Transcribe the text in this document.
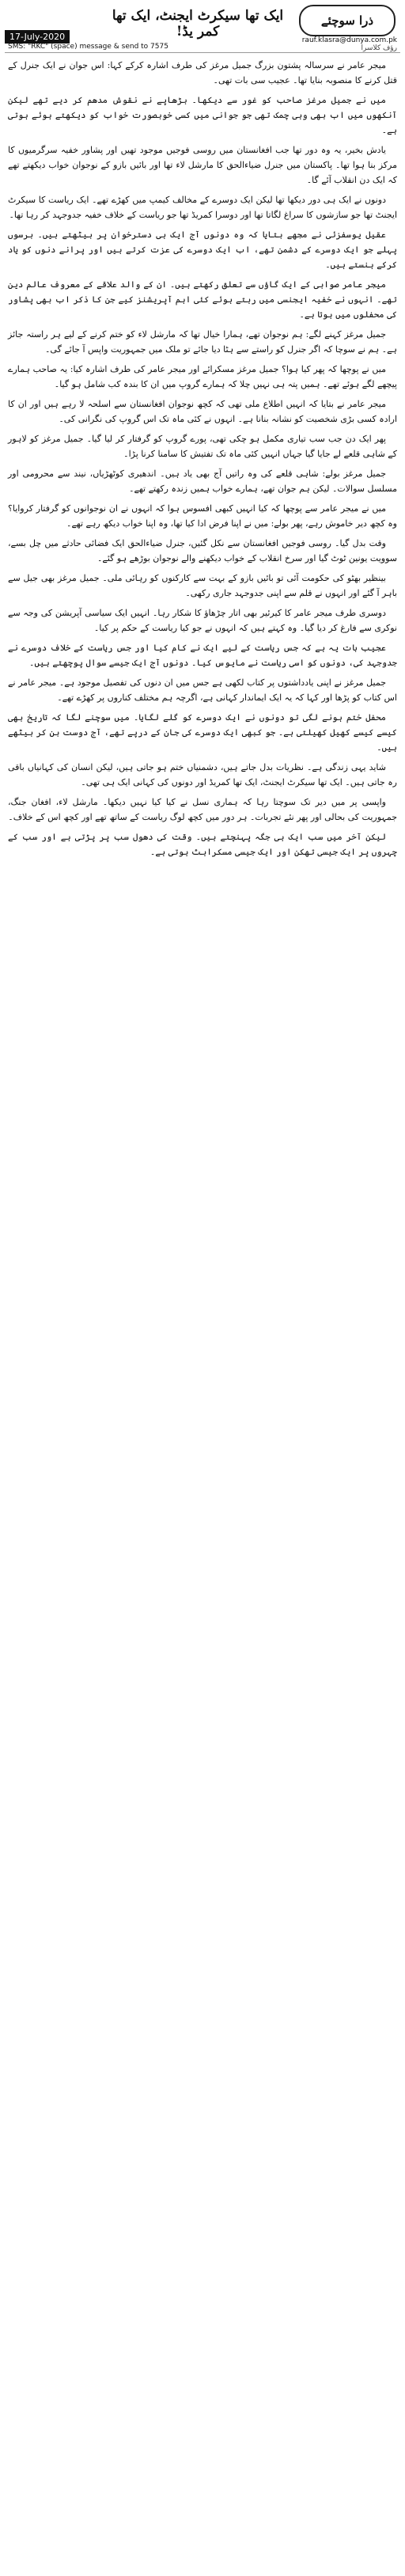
ذرا سوچئے
ایک تھا سیکرٹ ایجنٹ، ایک تھا کمر یڈ!
17-July-2020	rauf.klasra@dunya.com.pk
SMS: "RKC" (space) message & send to 7575	رؤف کلاسرا

میجر عامر نے سرسالہ پشتون بزرگ جمیل مرغز کی طرف اشارہ کرکے کہا: اس جوان نے ایک جنرل کے قتل کرنے کا منصوبہ بنایا تھا۔ عجیب سی بات تھی۔

میں نے جمیل مرغز صاحب کو غور سے دیکھا۔ بڑھاپے نے نقوش مدھم کر دیے تھے لیکن آنکھوں میں اب بھی وہی چمک تھی جو جوانی میں کسی خوبصورت خواب کو دیکھتے ہوئے ہوتی ہے۔

یادش بخیر، یہ وہ دور تھا جب افغانستان میں روسی فوجیں موجود تھیں اور پشاور خفیہ سرگرمیوں کا مرکز بنا ہوا تھا۔ پاکستان میں جنرل ضیاءالحق کا مارشل لاء تھا اور بائیں بازو کے نوجوان خواب دیکھتے تھے کہ ایک دن انقلاب آئے گا۔

دونوں نے ایک ہی دور دیکھا تھا لیکن ایک دوسرے کے مخالف کیمپ میں کھڑے تھے۔ ایک ریاست کا سیکرٹ ایجنٹ تھا جو سازشوں کا سراغ لگاتا تھا اور دوسرا کمریڈ تھا جو ریاست کے خلاف خفیہ جدوجہد کر رہا تھا۔

عقیل یوسفزئی نے مجھے بتایا کہ وہ دونوں آج ایک ہی دسترخوان پر بیٹھتے ہیں۔ برسوں پہلے جو ایک دوسرے کے دشمن تھے، اب ایک دوسرے کی عزت کرتے ہیں اور پرانے دنوں کو یاد کرکے ہنستے ہیں۔

میجر عامر صوابی کے ایک گاؤں سے تعلق رکھتے ہیں۔ ان کے والد علاقے کے معروف عالم دین تھے۔ انہوں نے خفیہ ایجنسی میں رہتے ہوئے کئی اہم آپریشنز کیے جن کا ذکر اب بھی پشاور کی محفلوں میں ہوتا ہے۔

جمیل مرغز کہنے لگے: ہم نوجوان تھے، ہمارا خیال تھا کہ مارشل لاء کو ختم کرنے کے لیے ہر راستہ جائز ہے۔ ہم نے سوچا کہ اگر جنرل کو راستے سے ہٹا دیا جائے تو ملک میں جمہوریت واپس آ جائے گی۔

میں نے پوچھا کہ پھر کیا ہوا؟ جمیل مرغز مسکرائے اور میجر عامر کی طرف اشارہ کیا: یہ صاحب ہمارے پیچھے لگے ہوئے تھے۔ ہمیں پتہ ہی نہیں چلا کہ ہمارے گروپ میں ان کا بندہ کب شامل ہو گیا۔

میجر عامر نے بتایا کہ انہیں اطلاع ملی تھی کہ کچھ نوجوان افغانستان سے اسلحہ لا رہے ہیں اور ان کا ارادہ کسی بڑی شخصیت کو نشانہ بنانا ہے۔ انہوں نے کئی ماہ تک اس گروپ کی نگرانی کی۔

پھر ایک دن جب سب تیاری مکمل ہو چکی تھی، پورے گروپ کو گرفتار کر لیا گیا۔ جمیل مرغز کو لاہور کے شاہی قلعے لے جایا گیا جہاں انہیں کئی ماہ تک تفتیش کا سامنا کرنا پڑا۔

جمیل مرغز بولے: شاہی قلعے کی وہ راتیں آج بھی یاد ہیں۔ اندھیری کوٹھڑیاں، نیند سے محرومی اور مسلسل سوالات۔ لیکن ہم جوان تھے، ہمارے خواب ہمیں زندہ رکھتے تھے۔

میں نے میجر عامر سے پوچھا کہ کیا انہیں کبھی افسوس ہوا کہ انہوں نے ان نوجوانوں کو گرفتار کروایا؟ وہ کچھ دیر خاموش رہے، پھر بولے: میں نے اپنا فرض ادا کیا تھا، وہ اپنا خواب دیکھ رہے تھے۔

وقت بدل گیا۔ روسی فوجیں افغانستان سے نکل گئیں، جنرل ضیاءالحق ایک فضائی حادثے میں چل بسے، سوویت یونین ٹوٹ گیا اور سرخ انقلاب کے خواب دیکھنے والے نوجوان بوڑھے ہو گئے۔

بینظیر بھٹو کی حکومت آئی تو بائیں بازو کے بہت سے کارکنوں کو رہائی ملی۔ جمیل مرغز بھی جیل سے باہر آ گئے اور انہوں نے قلم سے اپنی جدوجہد جاری رکھی۔

دوسری طرف میجر عامر کا کیرئیر بھی اتار چڑھاؤ کا شکار رہا۔ انہیں ایک سیاسی آپریشن کی وجہ سے نوکری سے فارغ کر دیا گیا۔ وہ کہتے ہیں کہ انہوں نے جو کیا ریاست کے حکم پر کیا۔

عجیب بات یہ ہے کہ جس ریاست کے لیے ایک نے کام کیا اور جس ریاست کے خلاف دوسرے نے جدوجہد کی، دونوں کو اسی ریاست نے مایوس کیا۔ دونوں آج ایک جیسے سوال پوچھتے ہیں۔

جمیل مرغز نے اپنی یادداشتوں پر کتاب لکھی ہے جس میں ان دنوں کی تفصیل موجود ہے۔ میجر عامر نے اس کتاب کو پڑھا اور کہا کہ یہ ایک ایماندار کہانی ہے، اگرچہ ہم مختلف کناروں پر کھڑے تھے۔

محفل ختم ہونے لگی تو دونوں نے ایک دوسرے کو گلے لگایا۔ میں سوچنے لگا کہ تاریخ بھی کیسے کیسے کھیل کھیلتی ہے۔ جو کبھی ایک دوسرے کی جان کے درپے تھے، آج دوست بن کر بیٹھے ہیں۔

شاید یہی زندگی ہے۔ نظریات بدل جاتے ہیں، دشمنیاں ختم ہو جاتی ہیں، لیکن انسان کی کہانیاں باقی رہ جاتی ہیں۔ ایک تھا سیکرٹ ایجنٹ، ایک تھا کمریڈ اور دونوں کی کہانی ایک ہی تھی۔

واپسی پر میں دیر تک سوچتا رہا کہ ہماری نسل نے کیا کیا نہیں دیکھا۔ مارشل لاء، افغان جنگ، جمہوریت کی بحالی اور پھر نئے تجربات۔ ہر دور میں کچھ لوگ ریاست کے ساتھ تھے اور کچھ اس کے خلاف۔

لیکن آخر میں سب ایک ہی جگہ پہنچتے ہیں۔ وقت کی دھول سب پر پڑتی ہے اور سب کے چہروں پر ایک جیسی تھکن اور ایک جیسی مسکراہٹ ہوتی ہے۔
